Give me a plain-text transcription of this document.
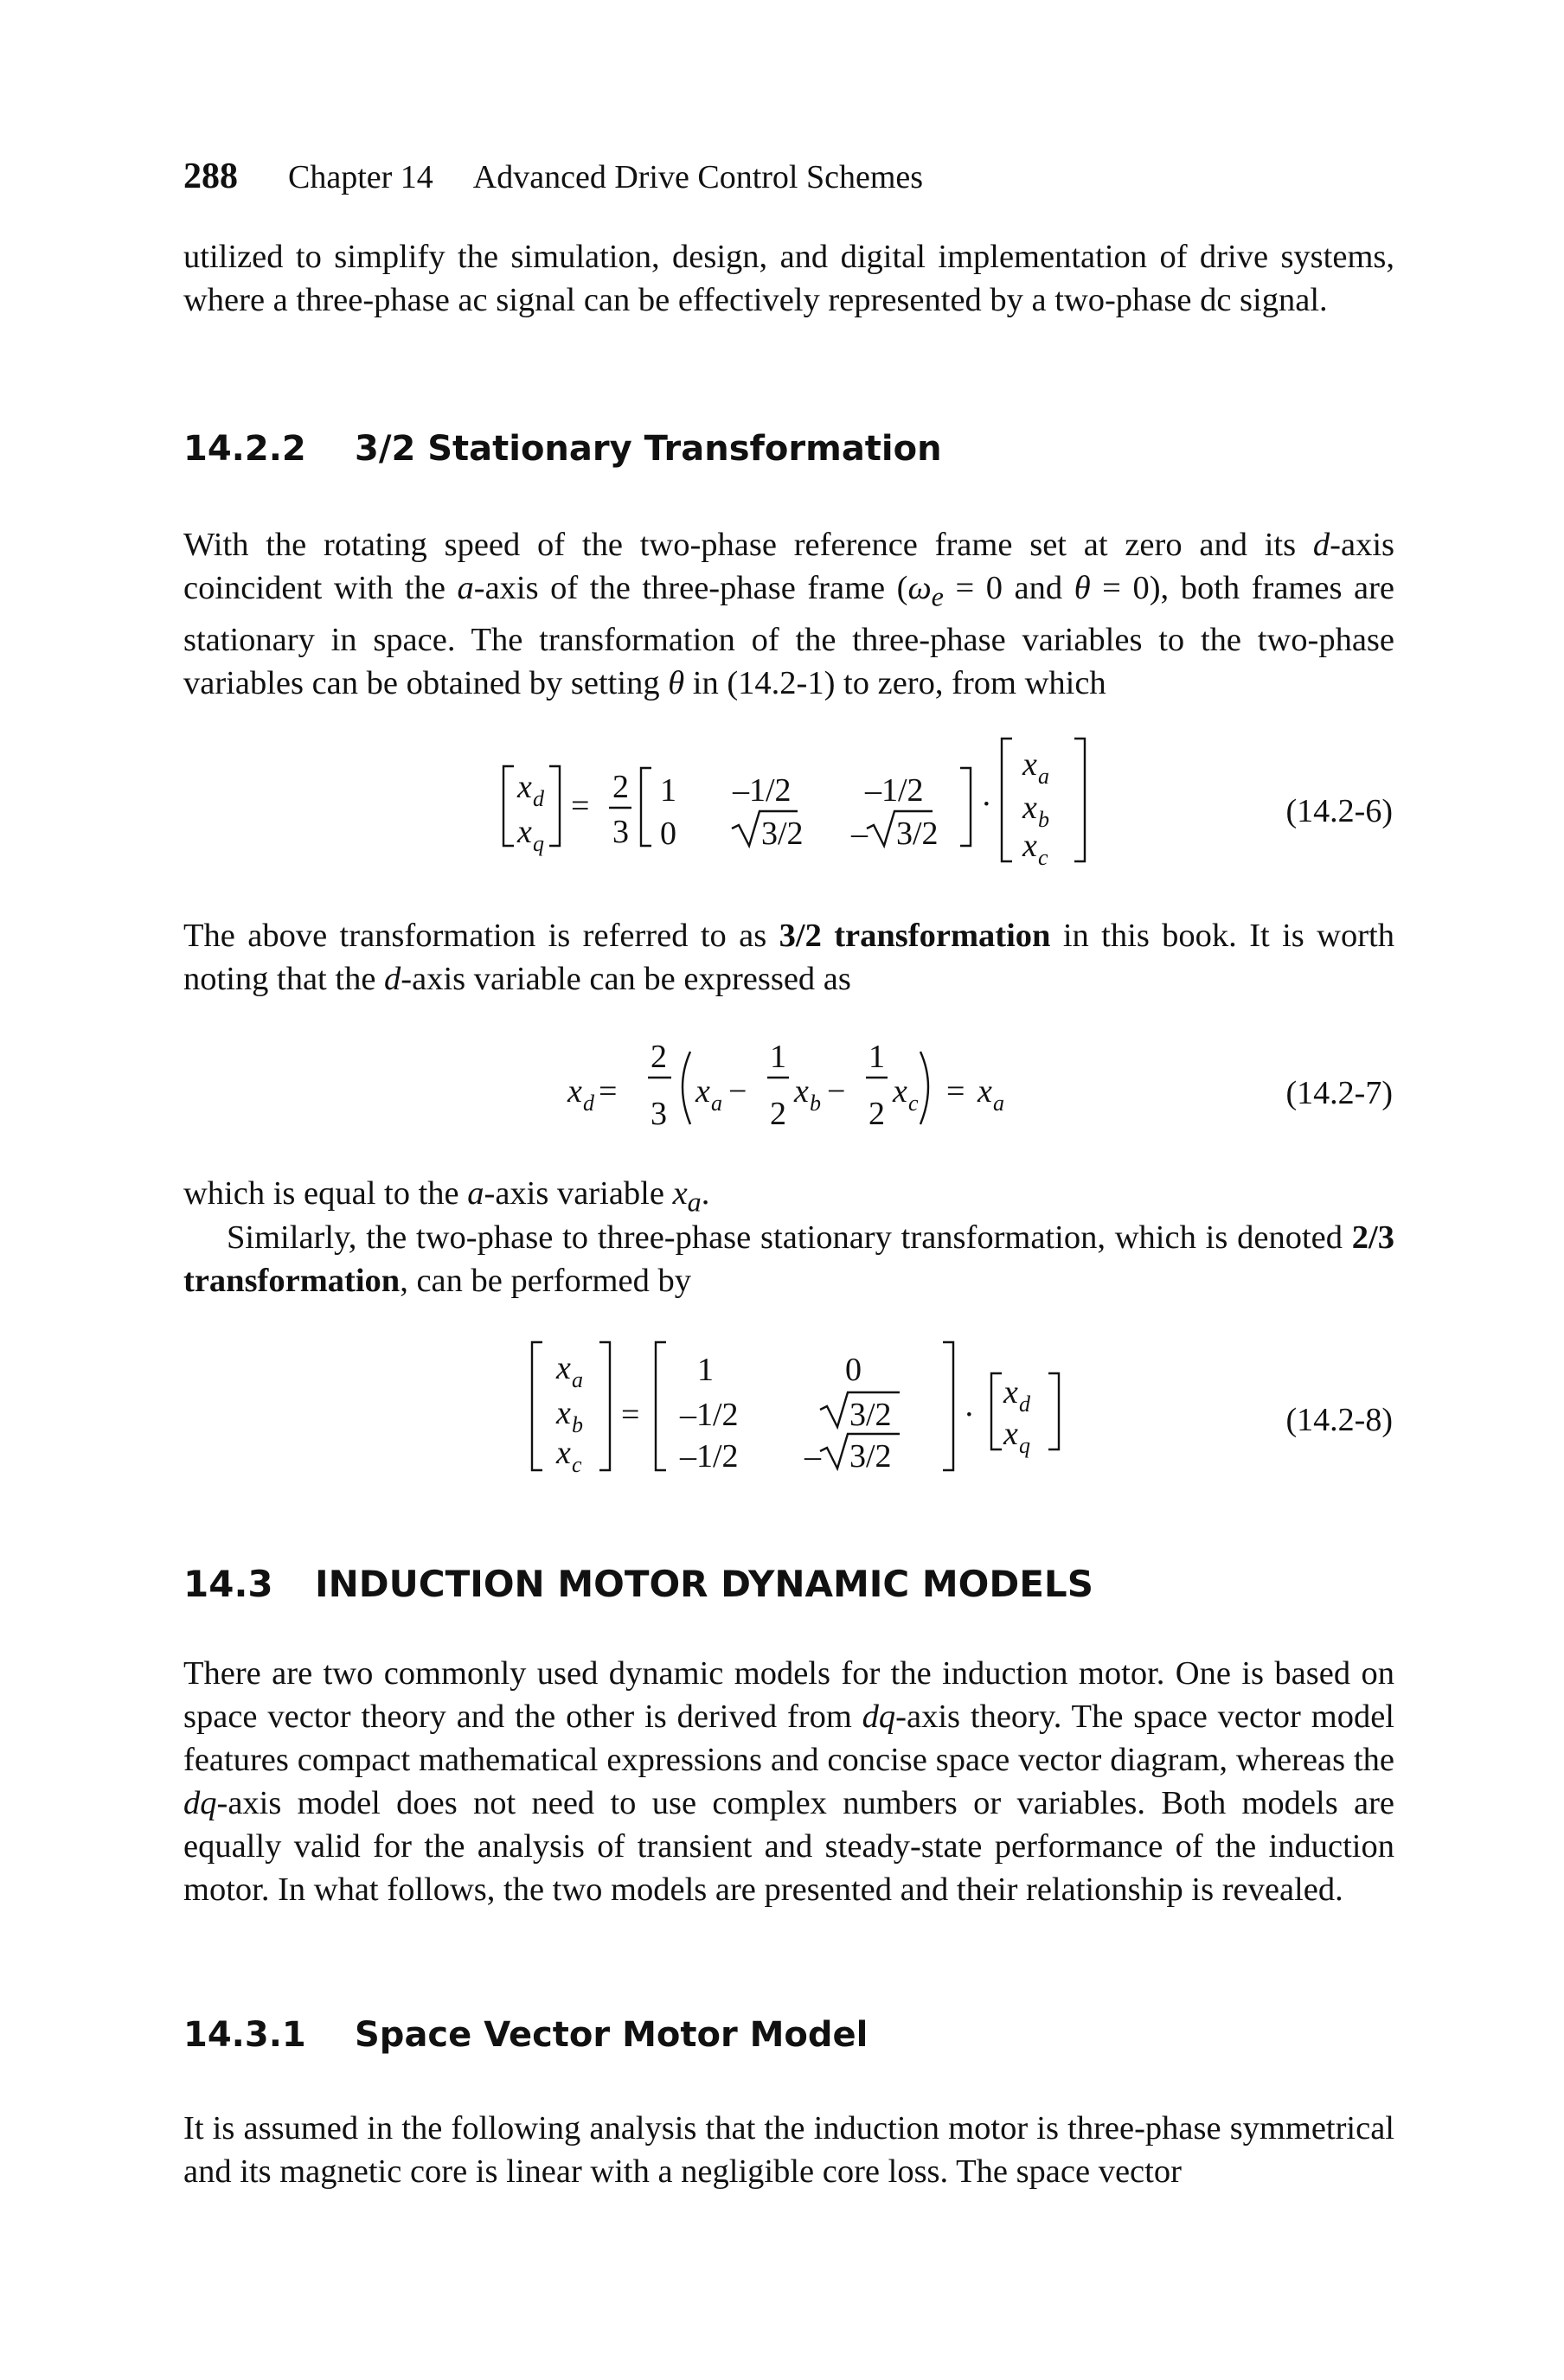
288 Chapter 14 Advanced Drive Control Schemes

utilized to simplify the simulation, design, and digital implementation of drive systems, where a three-phase ac signal can be effectively represented by a two-phase dc signal.

14.2.2 3/2 Stationary Transformation

With the rotating speed of the two-phase reference frame set at zero and its d-axis coincident with the a-axis of the three-phase frame ($\omega_e = 0$ and θ = 0), both frames are stationary in space. The transformation of the three-phase variables to the two-phase variables can be obtained by setting θ in (14.2-1) to zero, from which

x d
x q
=
2
3
1 –1/2 –1/2
0	3/2 – 3/2
·
x a
x b
x c
(14.2-6)

The above transformation is referred to as 3/2 transformation in this book. It is worth noting that the d-axis variable can be expressed as

x d =
2
3
x a −
1
2
x b −
1
2
x c = x a	(14.2-7)

which is equal to the a-axis variable $x_a$.

Similarly, the two-phase to three-phase stationary transformation, which is denoted 2/3 transformation, can be performed by

x a
x b
x c
=
1	0
–1/2	3/2
–1/2 – 3/2
·
x d
x q
(14.2-8)
14.3 INDUCTION MOTOR DYNAMIC MODELS

There are two commonly used dynamic models for the induction motor. One is based on space vector theory and the other is derived from dq-axis theory. The space vector model features compact mathematical expressions and concise space vector diagram, whereas the dq-axis model does not need to use complex numbers or variables. Both models are equally valid for the analysis of transient and steady-state performance of the induction motor. In what follows, the two models are presented and their relationship is revealed.

14.3.1 Space Vector Motor Model

It is assumed in the following analysis that the induction motor is three-phase symmetrical and its magnetic core is linear with a negligible core loss. The space vector
